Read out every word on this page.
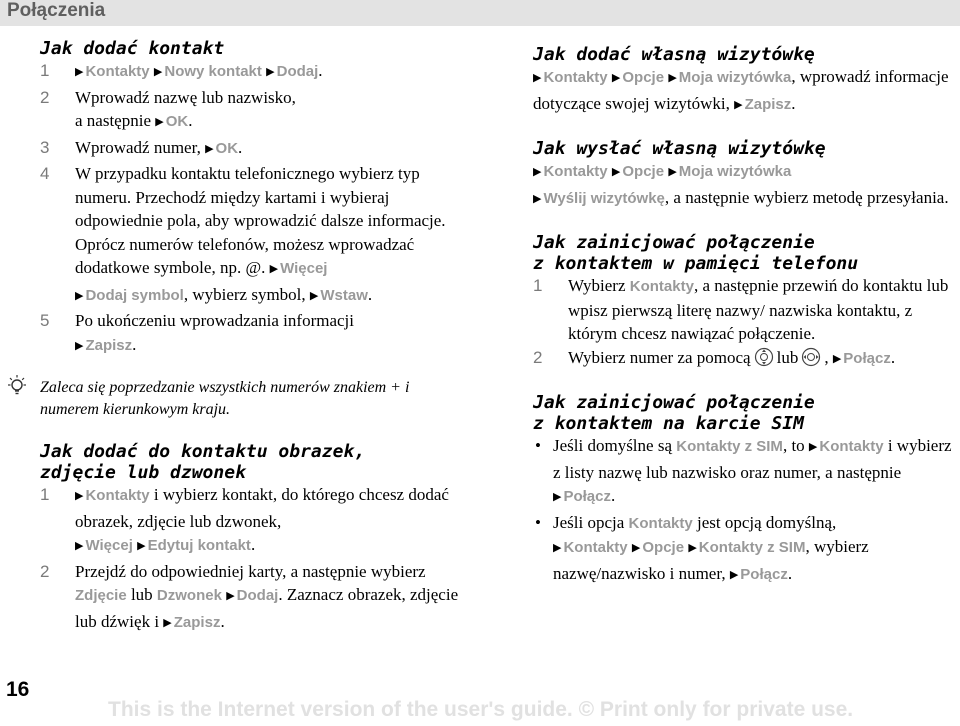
Połączenia
Jak dodać kontakt
1 ▶ Kontakty ▶ Nowy kontakt ▶ Dodaj.
2 Wprowadź nazwę lub nazwisko,
a następnie ▶ OK.
3 Wprowadź numer, ▶ OK.
4 W przypadku kontaktu telefonicznego wybierz typ numeru. Przechodź między kartami i wybieraj odpowiednie pola, aby wprowadzić dalsze informacje. Oprócz numerów telefonów, możesz wprowadzać dodatkowe symbole, np. @. ▶ Więcej
▶ Dodaj symbol, wybierz symbol, ▶ Wstaw.
5 Po ukończeniu wprowadzania informacji
▶ Zapisz.
Zaleca się poprzedzanie wszystkich numerów znakiem + i numerem kierunkowym kraju.
Jak dodać do kontaktu obrazek,
zdjęcie lub dzwonek
1 ▶ Kontakty i wybierz kontakt, do którego chcesz dodać obrazek, zdjęcie lub dzwonek,
▶ Więcej ▶ Edytuj kontakt.
2 Przejdź do odpowiedniej karty, a następnie wybierz Zdjęcie lub Dzwonek ▶ Dodaj. Zaznacz obrazek, zdjęcie lub dźwięk i ▶ Zapisz.
Jak dodać własną wizytówkę
▶ Kontakty ▶ Opcje ▶ Moja wizytówka, wprowadź informacje dotyczące swojej wizytówki, ▶ Zapisz.
Jak wysłać własną wizytówkę
▶ Kontakty ▶ Opcje ▶ Moja wizytówka
▶ Wyślij wizytówkę, a następnie wybierz metodę przesyłania.
Jak zainicjować połączenie
z kontaktem w pamięci telefonu
1 Wybierz Kontakty, a następnie przewiń do kontaktu lub wpisz pierwszą literę nazwy/ nazwiska kontaktu, z którym chcesz nawiązać połączenie.
2 Wybierz numer za pomocą lub , ▶ Połącz.
Jak zainicjować połączenie
z kontaktem na karcie SIM
• Jeśli domyślne są Kontakty z SIM, to ▶ Kontakty i wybierz z listy nazwę lub nazwisko oraz numer, a następnie ▶ Połącz.
• Jeśli opcja Kontakty jest opcją domyślną,
▶ Kontakty ▶ Opcje ▶ Kontakty z SIM, wybierz nazwę/nazwisko i numer, ▶ Połącz.
16
This is the Internet version of the user's guide. © Print only for private use.
